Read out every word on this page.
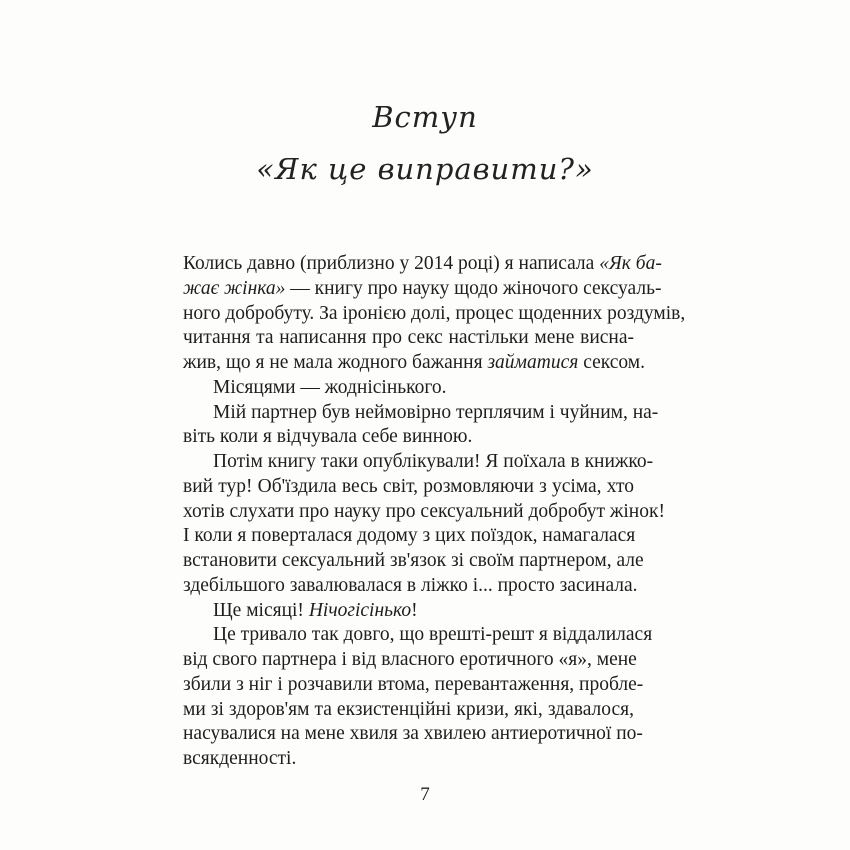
Вступ
«Як це виправити?»
Колись давно (приблизно у 2014 році) я написала «Як ба-
жає жінка» — книгу про науку щодо жіночого сексуаль-
ного добробуту. За іронією долі, процес щоденних роздумів,
читання та написання про секс настільки мене висна-
жив, що я не мала жодного бажання займатися сексом.
Місяцями — жоднісінького.
Мій партнер був неймовірно терплячим і чуйним, на-
віть коли я відчувала себе винною.
Потім книгу таки опублікували! Я поїхала в книжко-
вий тур! Об'їздила весь світ, розмовляючи з усіма, хто
хотів слухати про науку про сексуальний добробут жінок!
І коли я поверталася додому з цих поїздок, намагалася
встановити сексуальний зв'язок зі своїм партнером, але
здебільшого завалювалася в ліжко і... просто засинала.
Ще місяці! Нічогісінько!
Це тривало так довго, що врешті-решт я віддалилася
від свого партнера і від власного еротичного «я», мене
збили з ніг і розчавили втома, перевантаження, пробле-
ми зі здоров'ям та екзистенційні кризи, які, здавалося,
насувалися на мене хвиля за хвилею антиеротичної по-
всякденності.
7
